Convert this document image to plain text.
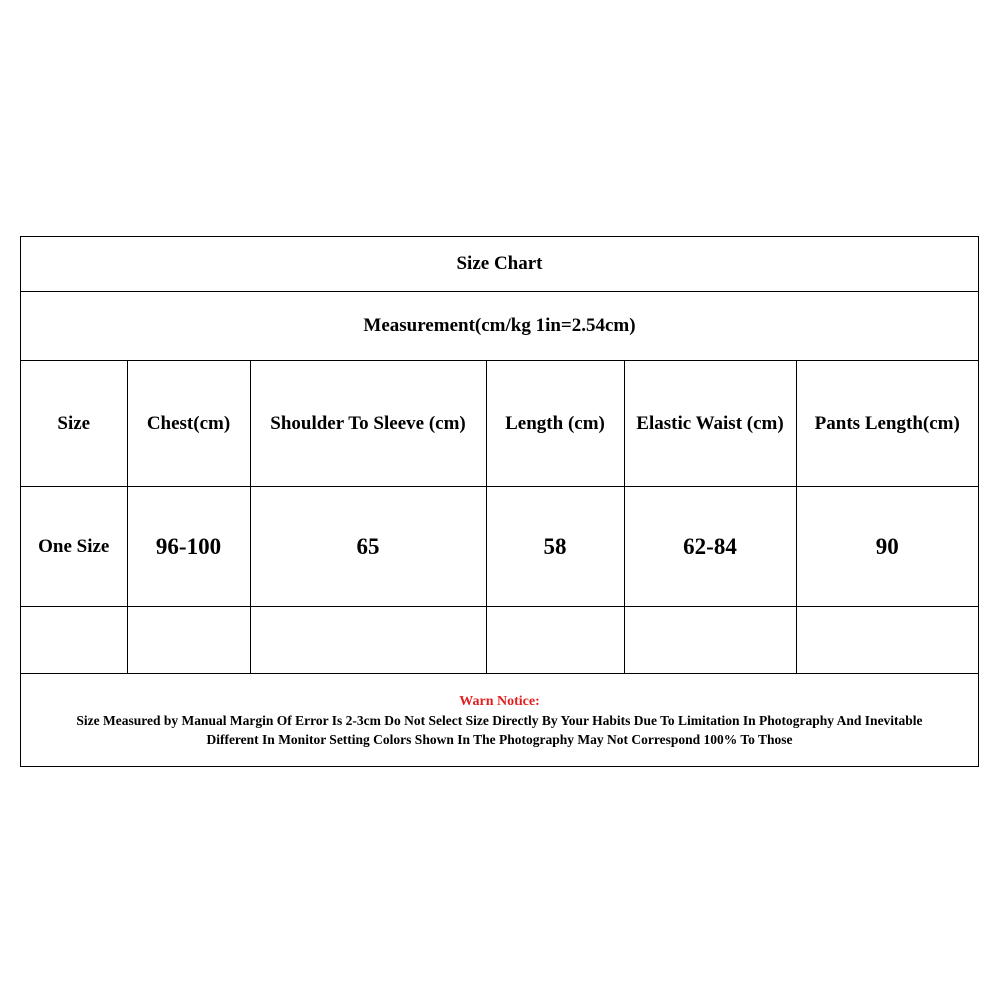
Size Chart
Measurement(cm/kg 1in=2.54cm)
Size	Chest(cm)	Shoulder To Sleeve (cm)	Length (cm)	Elastic Waist (cm)	Pants Length(cm)
One Size	96-100	65	58	62-84	90

Warn Notice:
Size Measured by Manual Margin Of Error Is 2-3cm Do Not Select Size Directly By Your Habits Due To Limitation In Photography And Inevitable Different In Monitor Setting Colors Shown In The Photography May Not Correspond 100% To Those
